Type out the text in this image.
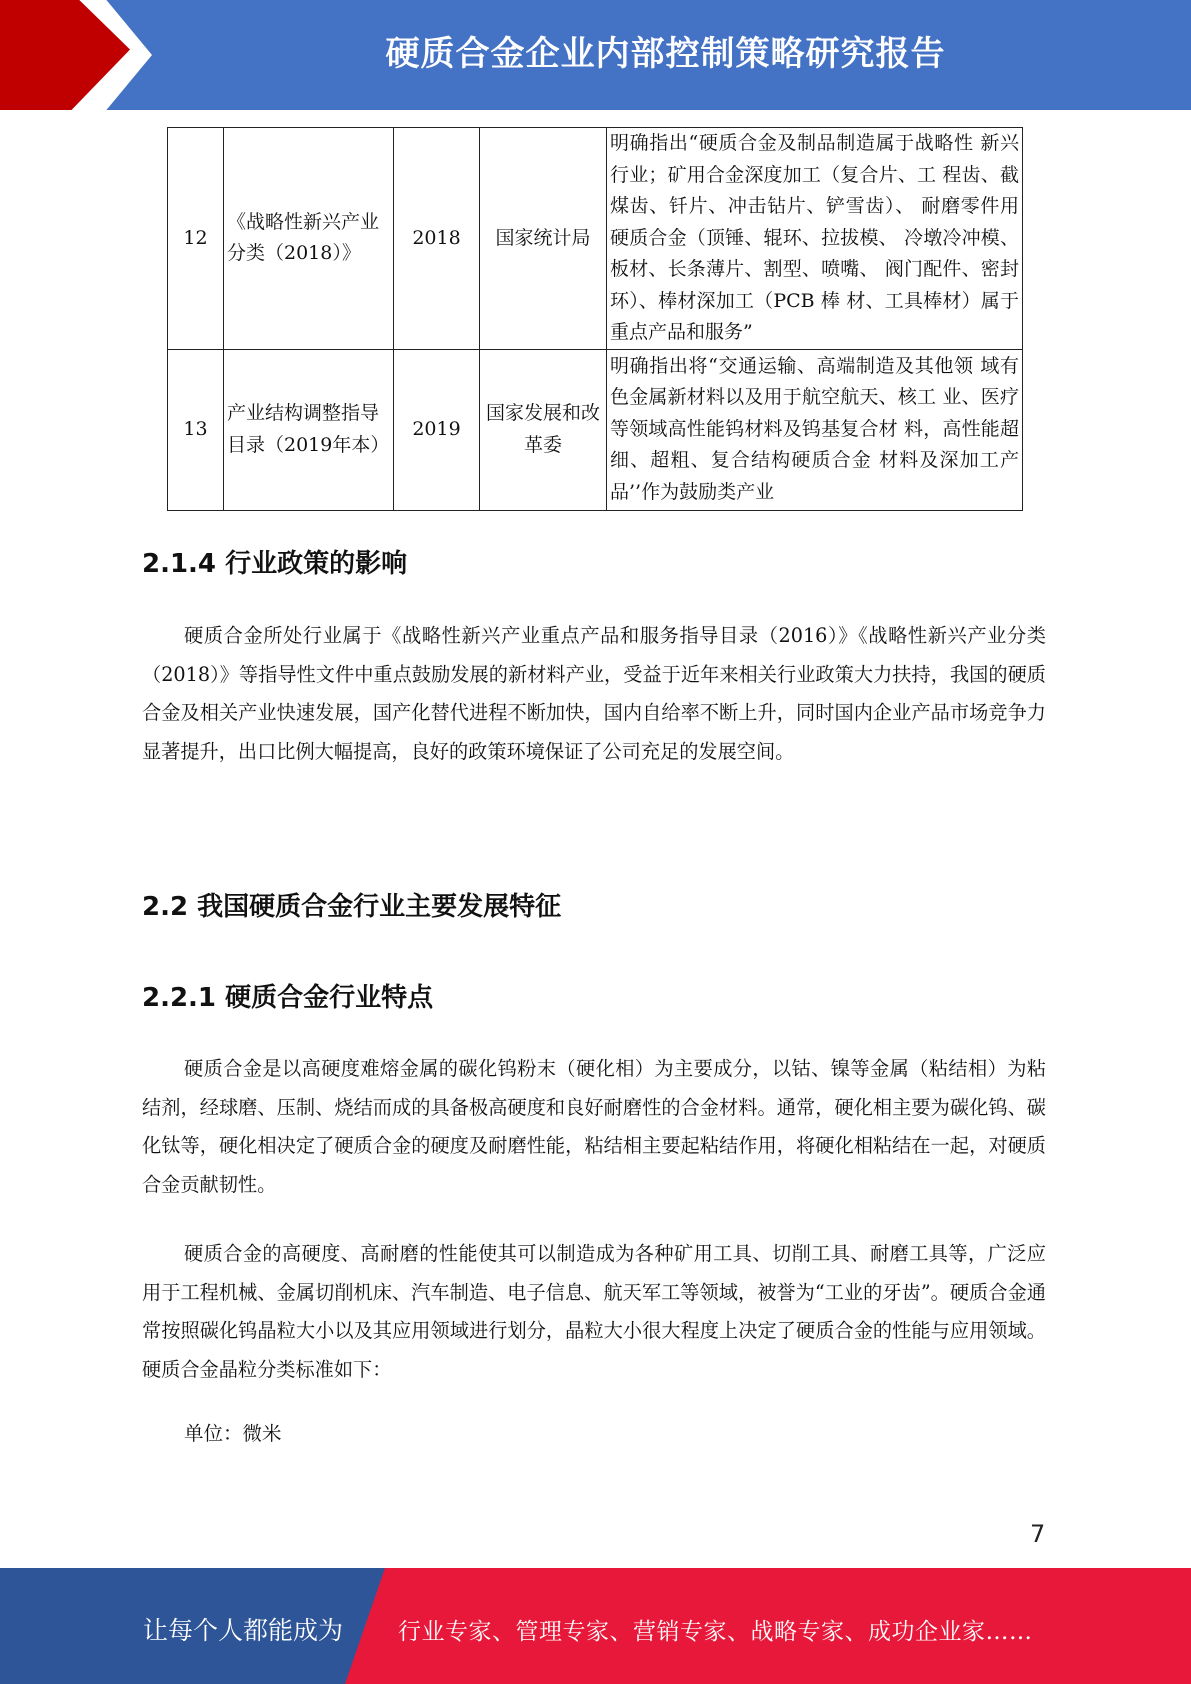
硬质合金企业内部控制策略研究报告
12	《战略性新兴产业分类（2018）》	2018	国家统计局	明确指出“硬质合金及制品制造属于战略性 新兴行业；矿用合金深度加工（复合片、工 程齿、截煤齿、钎片、冲击钻片、铲雪齿）、 耐磨零件用硬质合金（顶锤、辊环、拉拔模、 冷墩冷冲模、板材、长条薄片、割型、喷嘴、 阀门配件、密封环）、棒材深加工（PCB 棒 材、工具棒材）属于重点产品和服务”
13	产业结构调整指导目录（2019年本）	2019	国家发展和改革委	明确指出将“交通运输、高端制造及其他领 域有色金属新材料以及用于航空航天、核工 业、医疗等领域高性能钨材料及钨基复合材 料，高性能超细、超粗、复合结构硬质合金 材料及深加工产品’’作为鼓励类产业
2.1.4 行业政策的影响

硬质合金所处行业属于《战略性新兴产业重点产品和服务指导目录（2016）》《战略性新兴产业分类（2018）》等指导性文件中重点鼓励发展的新材料产业，受益于近年来相关行业政策大力扶持，我国的硬质合金及相关产业快速发展，国产化替代进程不断加快，国内自给率不断上升，同时国内企业产品市场竞争力显著提升，出口比例大幅提高，良好的政策环境保证了公司充足的发展空间。

2.2 我国硬质合金行业主要发展特征
2.2.1 硬质合金行业特点

硬质合金是以高硬度难熔金属的碳化钨粉末（硬化相）为主要成分，以钴、镍等金属（粘结相）为粘结剂，经球磨、压制、烧结而成的具备极高硬度和良好耐磨性的合金材料。通常，硬化相主要为碳化钨、碳化钛等，硬化相决定了硬质合金的硬度及耐磨性能，粘结相主要起粘结作用，将硬化相粘结在一起，对硬质合金贡献韧性。

硬质合金的高硬度、高耐磨的性能使其可以制造成为各种矿用工具、切削工具、耐磨工具等，广泛应用于工程机械、金属切削机床、汽车制造、电子信息、航天军工等领域，被誉为“工业的牙齿”。硬质合金通常按照碳化钨晶粒大小以及其应用领域进行划分，晶粒大小很大程度上决定了硬质合金的性能与应用领域。硬质合金晶粒分类标准如下：

单位：微米
7
让每个人都能成为 行业专家、管理专家、营销专家、战略专家、成功企业家……
